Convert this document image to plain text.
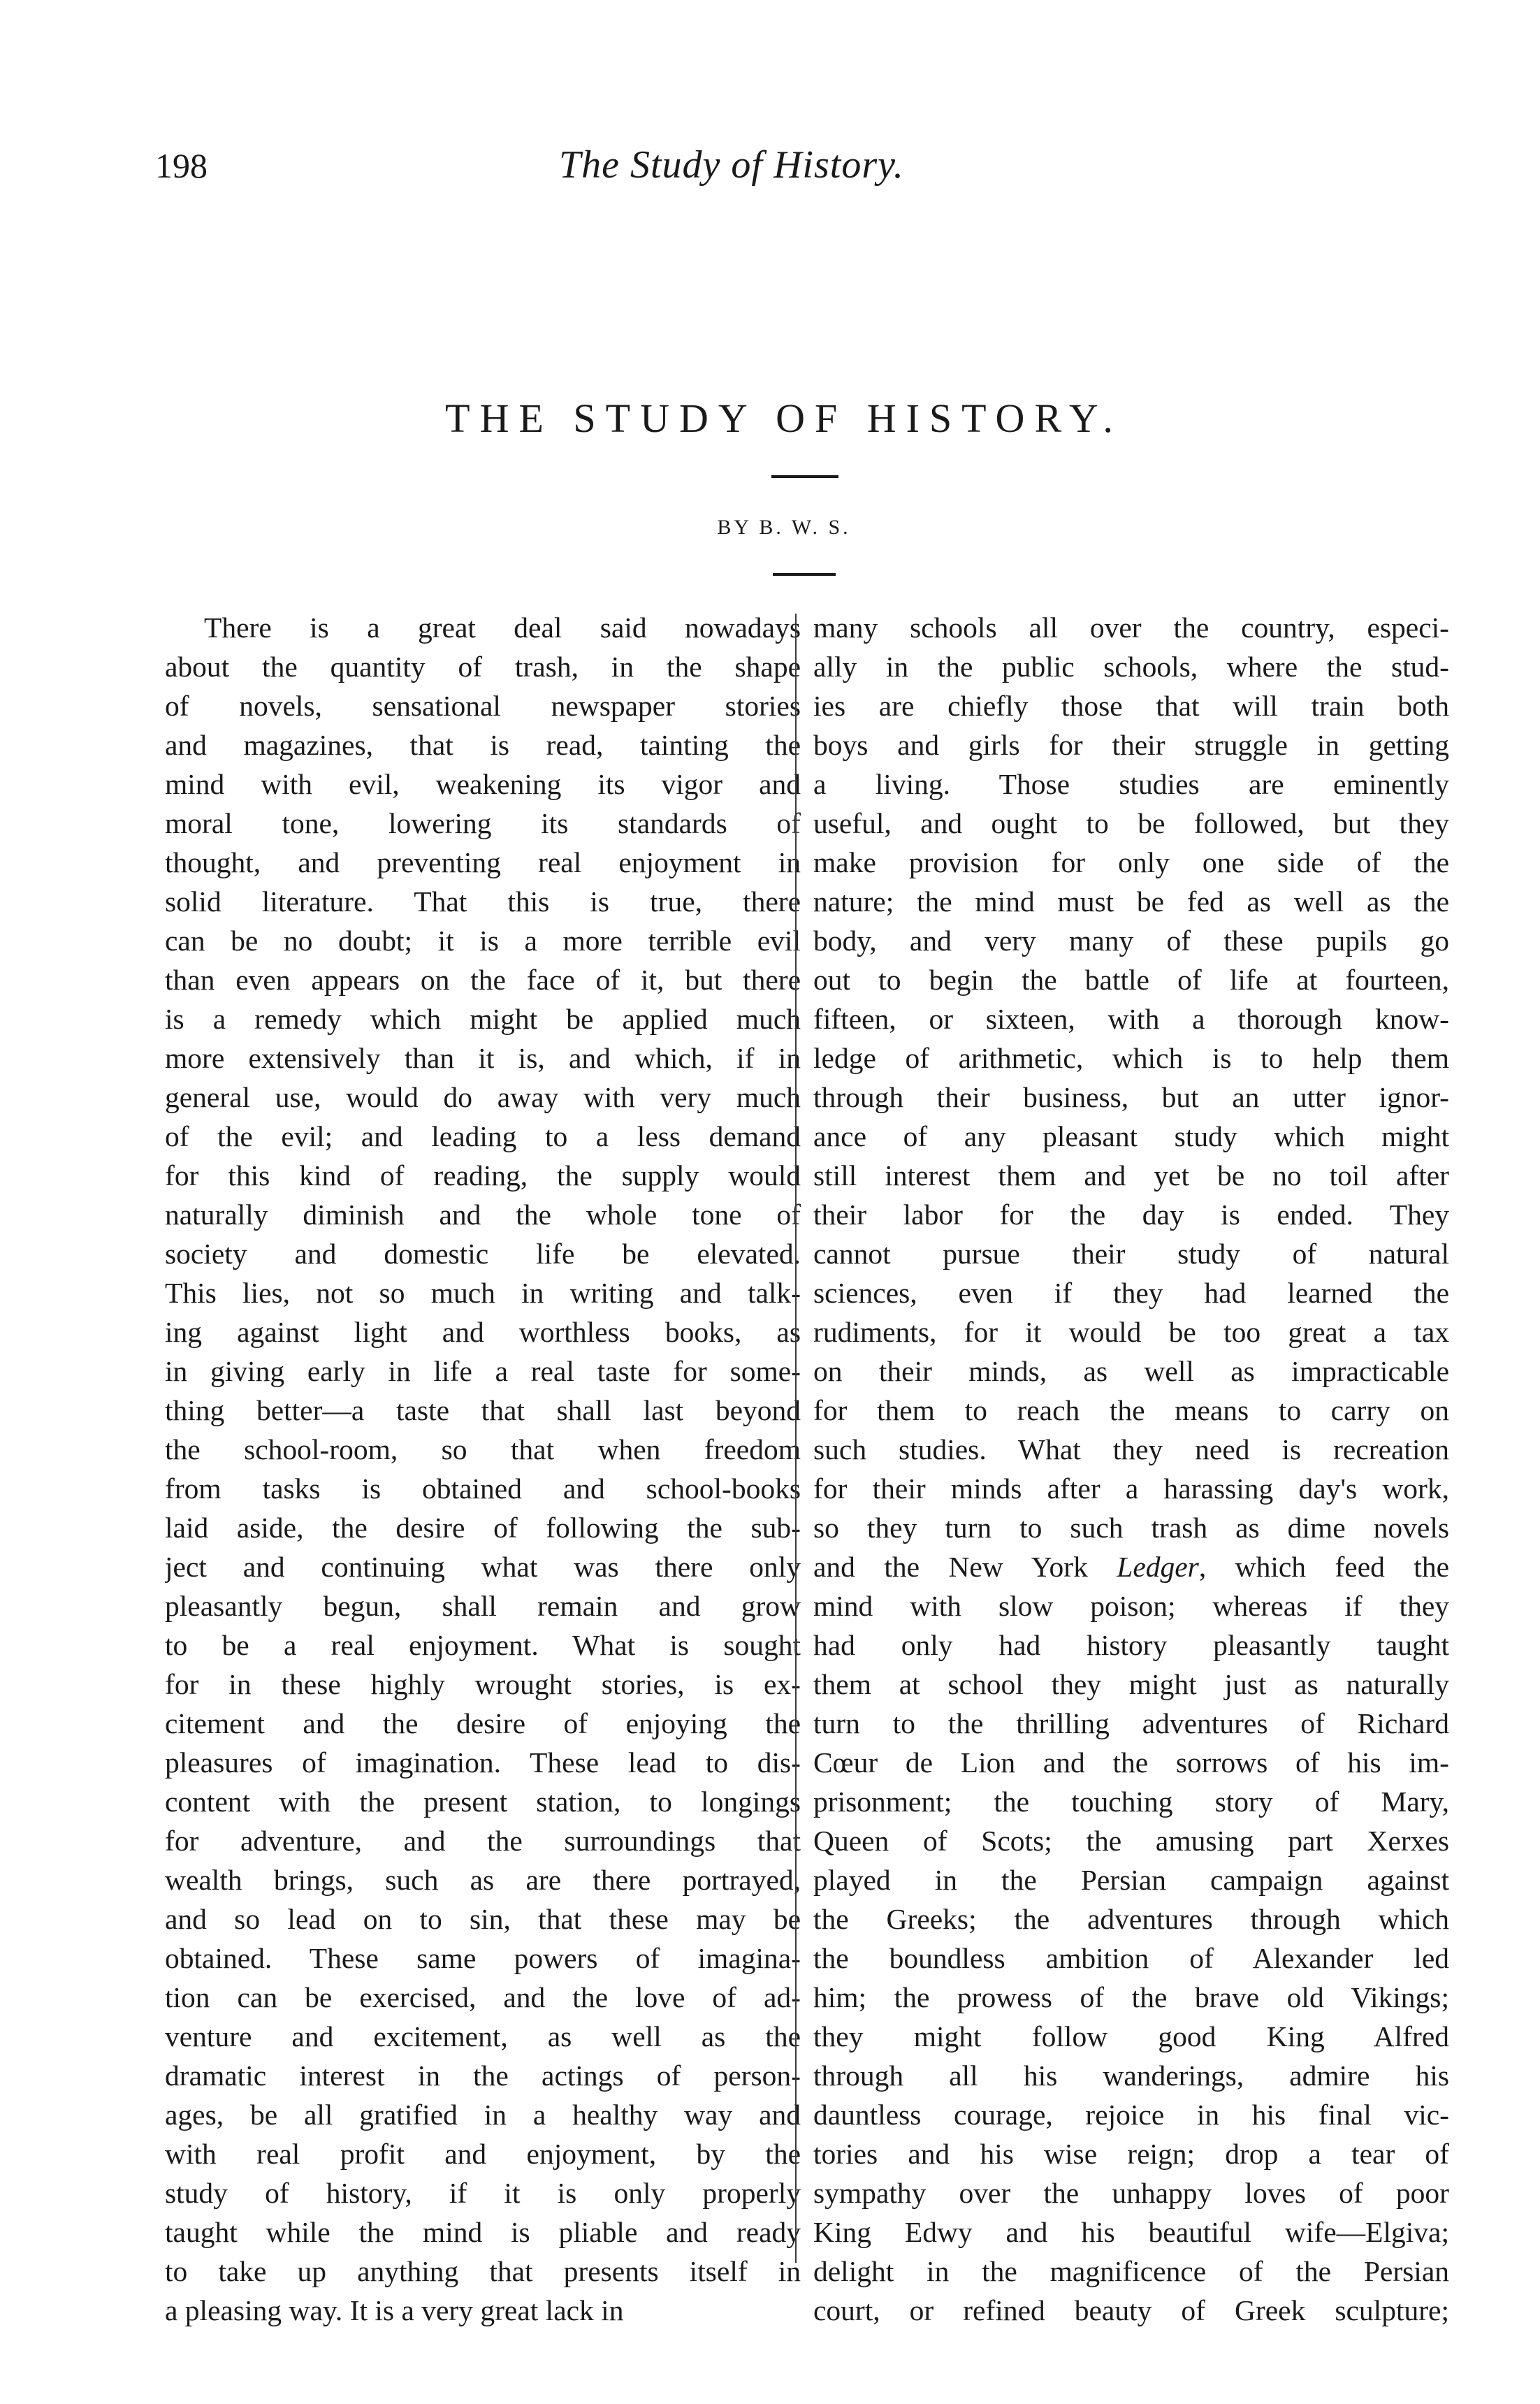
198	The Study of History.

THE STUDY OF HISTORY.

BY B. W. S.

There is a great deal said nowadays
about the quantity of trash, in the shape
of novels, sensational newspaper stories
and magazines, that is read, tainting the
mind with evil, weakening its vigor and
moral tone, lowering its standards of
thought, and preventing real enjoyment in
solid literature. That this is true, there
can be no doubt; it is a more terrible evil
than even appears on the face of it, but there
is a remedy which might be applied much
more extensively than it is, and which, if in
general use, would do away with very much
of the evil; and leading to a less demand
for this kind of reading, the supply would
naturally diminish and the whole tone of
society and domestic life be elevated.
This lies, not so much in writing and talk-
ing against light and worthless books, as
in giving early in life a real taste for some-
thing better—a taste that shall last beyond
the school-room, so that when freedom
from tasks is obtained and school-books
laid aside, the desire of following the sub-
ject and continuing what was there only
pleasantly begun, shall remain and grow
to be a real enjoyment. What is sought
for in these highly wrought stories, is ex-
citement and the desire of enjoying the
pleasures of imagination. These lead to dis-
content with the present station, to longings
for adventure, and the surroundings that
wealth brings, such as are there portrayed,
and so lead on to sin, that these may be
obtained. These same powers of imagina-
tion can be exercised, and the love of ad-
venture and excitement, as well as the
dramatic interest in the actings of person-
ages, be all gratified in a healthy way and
with real profit and enjoyment, by the
study of history, if it is only properly
taught while the mind is pliable and ready
to take up anything that presents itself in
a pleasing way. It is a very great lack in
many schools all over the country, especi-
ally in the public schools, where the stud-
ies are chiefly those that will train both
boys and girls for their struggle in getting
a living. Those studies are eminently
useful, and ought to be followed, but they
make provision for only one side of the
nature; the mind must be fed as well as the
body, and very many of these pupils go
out to begin the battle of life at fourteen,
fifteen, or sixteen, with a thorough know-
ledge of arithmetic, which is to help them
through their business, but an utter ignor-
ance of any pleasant study which might
still interest them and yet be no toil after
their labor for the day is ended. They
cannot pursue their study of natural
sciences, even if they had learned the
rudiments, for it would be too great a tax
on their minds, as well as impracticable
for them to reach the means to carry on
such studies. What they need is recreation
for their minds after a harassing day's work,
so they turn to such trash as dime novels
and the New York Ledger, which feed the
mind with slow poison; whereas if they
had only had history pleasantly taught
them at school they might just as naturally
turn to the thrilling adventures of Richard
Cœur de Lion and the sorrows of his im-
prisonment; the touching story of Mary,
Queen of Scots; the amusing part Xerxes
played in the Persian campaign against
the Greeks; the adventures through which
the boundless ambition of Alexander led
him; the prowess of the brave old Vikings;
they might follow good King Alfred
through all his wanderings, admire his
dauntless courage, rejoice in his final vic-
tories and his wise reign; drop a tear of
sympathy over the unhappy loves of poor
King Edwy and his beautiful wife—Elgiva;
delight in the magnificence of the Persian
court, or refined beauty of Greek sculpture;
